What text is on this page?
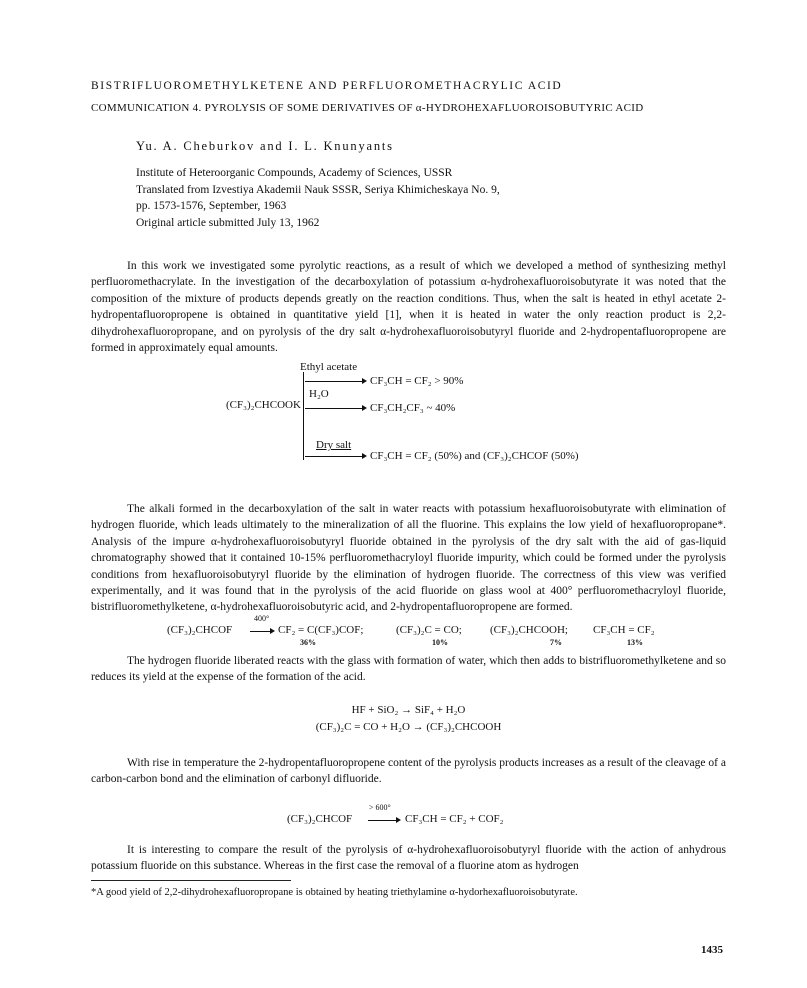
BISTRIFLUOROMETHYLKETENE AND PERFLUOROMETHACRYLIC ACID
COMMUNICATION 4. PYROLYSIS OF SOME DERIVATIVES OF α-HYDROHEXAFLUOROISOBUTYRIC ACID
Yu. A. Cheburkov and I. L. Knunyants
Institute of Heteroorganic Compounds, Academy of Sciences, USSR
Translated from Izvestiya Akademii Nauk SSSR, Seriya Khimicheskaya No. 9,
pp. 1573-1576, September, 1963
Original article submitted July 13, 1962

In this work we investigated some pyrolytic reactions, as a result of which we developed a method of synthesizing methyl perfluoromethacrylate. In the investigation of the decarboxylation of potassium α-hydrohexafluoroisobutyrate it was noted that the composition of the mixture of products depends greatly on the reaction conditions. Thus, when the salt is heated in ethyl acetate 2-hydropentafluoropropene is obtained in quantitative yield [1], when it is heated in water the only reaction product is 2,2-dihydrohexafluoropropane, and on pyrolysis of the dry salt α-hydrohexafluoroisobutyryl fluoride and 2-hydropentafluoropropene are formed in approximately equal amounts.

(CF₃)₂CHCOOK
Ethyl acetate
CF₃CH = CF₂ > 90%
H₂O
CF₃CH₂CF₃ ~ 40%
Dry salt
CF₃CH = CF₂ (50%) and (CF₃)₂CHCOF (50%)

The alkali formed in the decarboxylation of the salt in water reacts with potassium hexafluoroisobutyrate with elimination of hydrogen fluoride, which leads ultimately to the mineralization of all the fluorine. This explains the low yield of hexafluoropropane*. Analysis of the impure α-hydrohexafluoroisobutyryl fluoride obtained in the pyrolysis of the dry salt with the aid of gas-liquid chromatography showed that it contained 10-15% perfluoromethacryloyl fluoride impurity, which could be formed under the pyrolysis conditions from hexafluoroisobutyryl fluoride by the elimination of hydrogen fluoride. The correctness of this view was verified experimentally, and it was found that in the pyrolysis of the acid fluoride on glass wool at 400° perfluoromethacryloyl fluoride, bistrifluoromethylketene, α-hydrohexafluoroisobutyric acid, and 2-hydropentafluoropropene are formed.

(CF₃)₂CHCOF
400°
CF₂ = C(CF₃)COF;
36%
(CF₃)₂C = CO;
10%
(CF₃)₂CHCOOH;
7%
CF₃CH = CF₂
13%

The hydrogen fluoride liberated reacts with the glass with formation of water, which then adds to bistrifluoromethylketene and so reduces its yield at the expense of the formation of the acid.

HF + SiO₂ → SiF₄ + H₂O
(CF₃)₂C = CO + H₂O → (CF₃)₂CHCOOH

With rise in temperature the 2-hydropentafluoropropene content of the pyrolysis products increases as a result of the cleavage of a carbon-carbon bond and the elimination of carbonyl difluoride.

(CF₃)₂CHCOF
> 600°
CF₃CH = CF₂ + COF₂

It is interesting to compare the result of the pyrolysis of α-hydrohexafluoroisobutyryl fluoride with the action of anhydrous potassium fluoride on this substance. Whereas in the first case the removal of a fluorine atom as hydrogen

*A good yield of 2,2-dihydrohexafluoropropane is obtained by heating triethylamine α-hydorhexafluoroisobutyrate.
1435
